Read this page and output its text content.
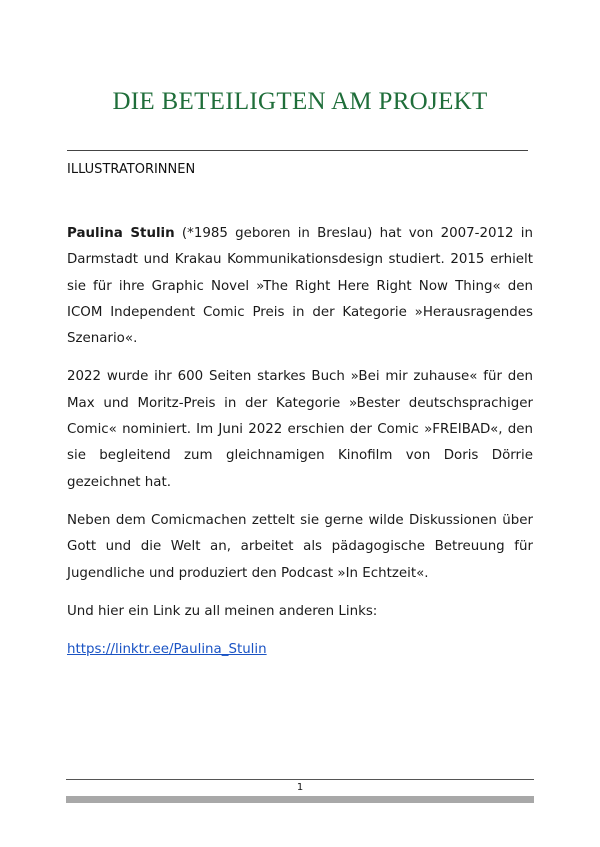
DIE BETEILIGTEN AM PROJEKT
ILLUSTRATORINNEN

Paulina Stulin (*1985 geboren in Breslau) hat von 2007-2012 in Darmstadt und Krakau Kommunikationsdesign studiert. 2015 erhielt sie für ihre Graphic Novel »The Right Here Right Now Thing« den ICOM Independent Comic Preis in der Kategorie »Herausragendes Szenario«.

2022 wurde ihr 600 Seiten starkes Buch »Bei mir zuhause« für den Max und Moritz-Preis in der Kategorie »Bester deutschsprachiger Comic« nominiert. Im Juni 2022 erschien der Comic »FREIBAD«, den sie begleitend zum gleichnamigen Kinofilm von Doris Dörrie gezeichnet hat.

Neben dem Comicmachen zettelt sie gerne wilde Diskussionen über Gott und die Welt an, arbeitet als pädagogische Betreuung für Jugendliche und produziert den Podcast »In Echtzeit«.

Und hier ein Link zu all meinen anderen Links:

https://linktr.ee/Paulina_Stulin

1
